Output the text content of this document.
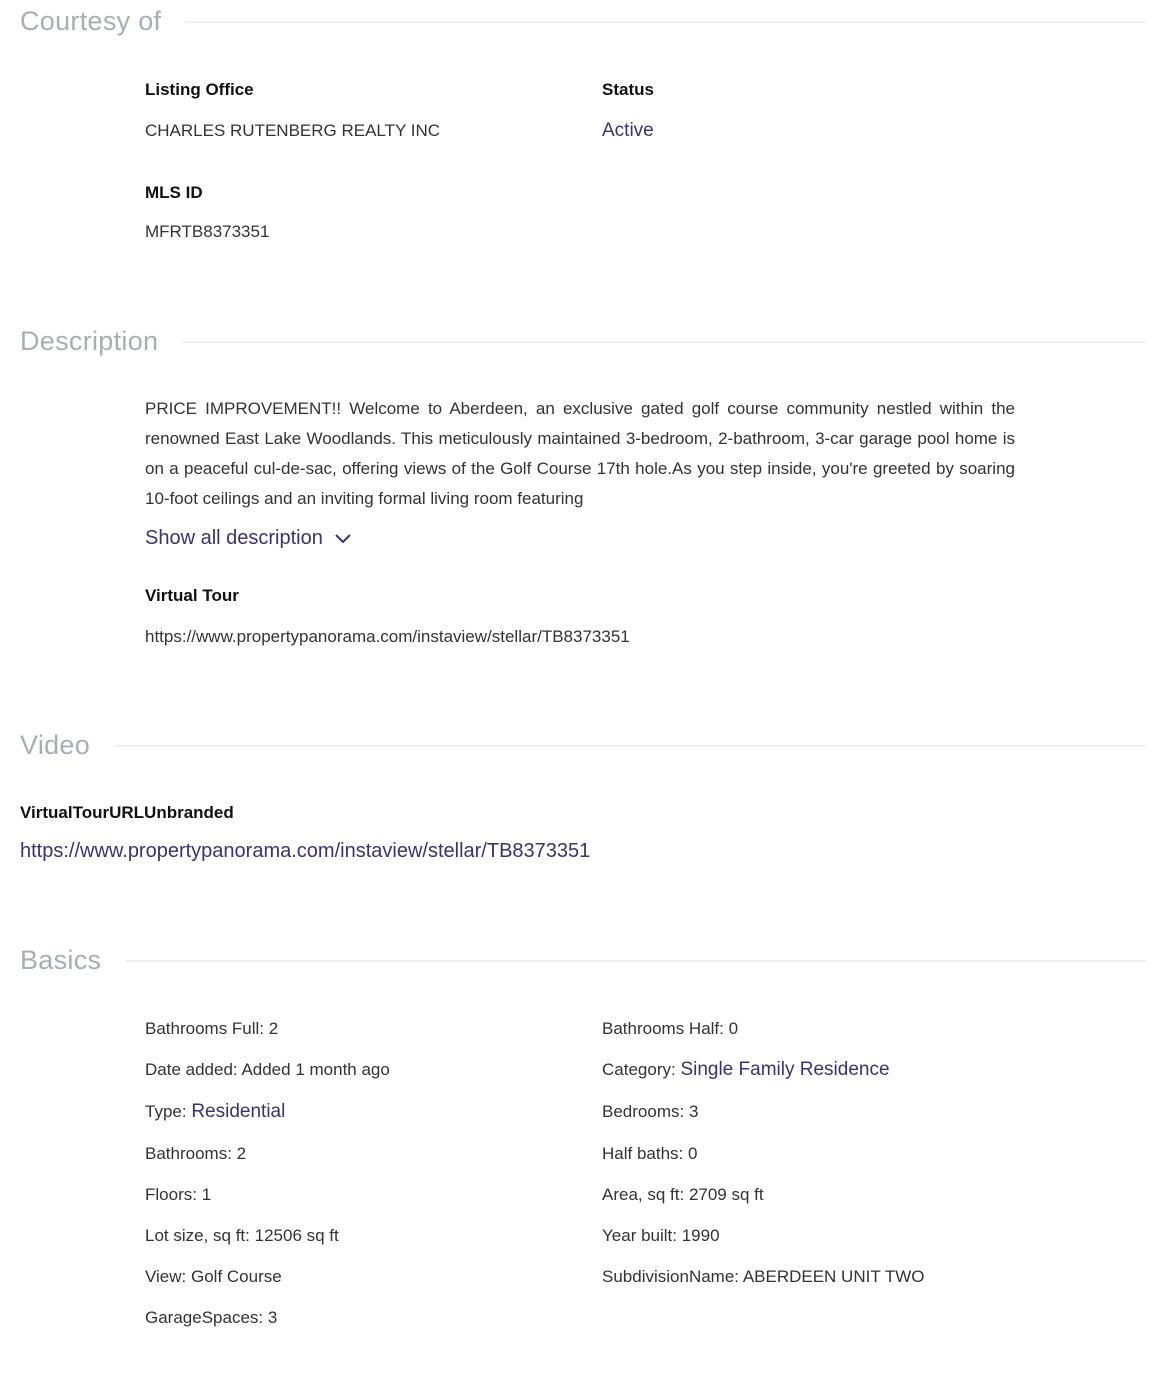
Courtesy of
Listing Office
CHARLES RUTENBERG REALTY INC
Status
Active
MLS ID
MFRTB8373351
Description
PRICE IMPROVEMENT!! Welcome to Aberdeen, an exclusive gated golf course community nestled within the renowned East Lake Woodlands. This meticulously maintained 3-bedroom, 2-bathroom, 3-car garage pool home is on a peaceful cul-de-sac, offering views of the Golf Course 17th hole.As you step inside, you're greeted by soaring 10-foot ceilings and an inviting formal living room featuring
Show all description
Virtual Tour
https://www.propertypanorama.com/instaview/stellar/TB8373351
Video
VirtualTourURLUnbranded
https://www.propertypanorama.com/instaview/stellar/TB8373351
Basics
Bathrooms Full: 2
Date added: Added 1 month ago
Type: Residential
Bathrooms: 2
Floors: 1
Lot size, sq ft: 12506 sq ft
View: Golf Course
GarageSpaces: 3
Bathrooms Half: 0
Category: Single Family Residence
Bedrooms: 3
Half baths: 0
Area, sq ft: 2709 sq ft
Year built: 1990
SubdivisionName: ABERDEEN UNIT TWO
